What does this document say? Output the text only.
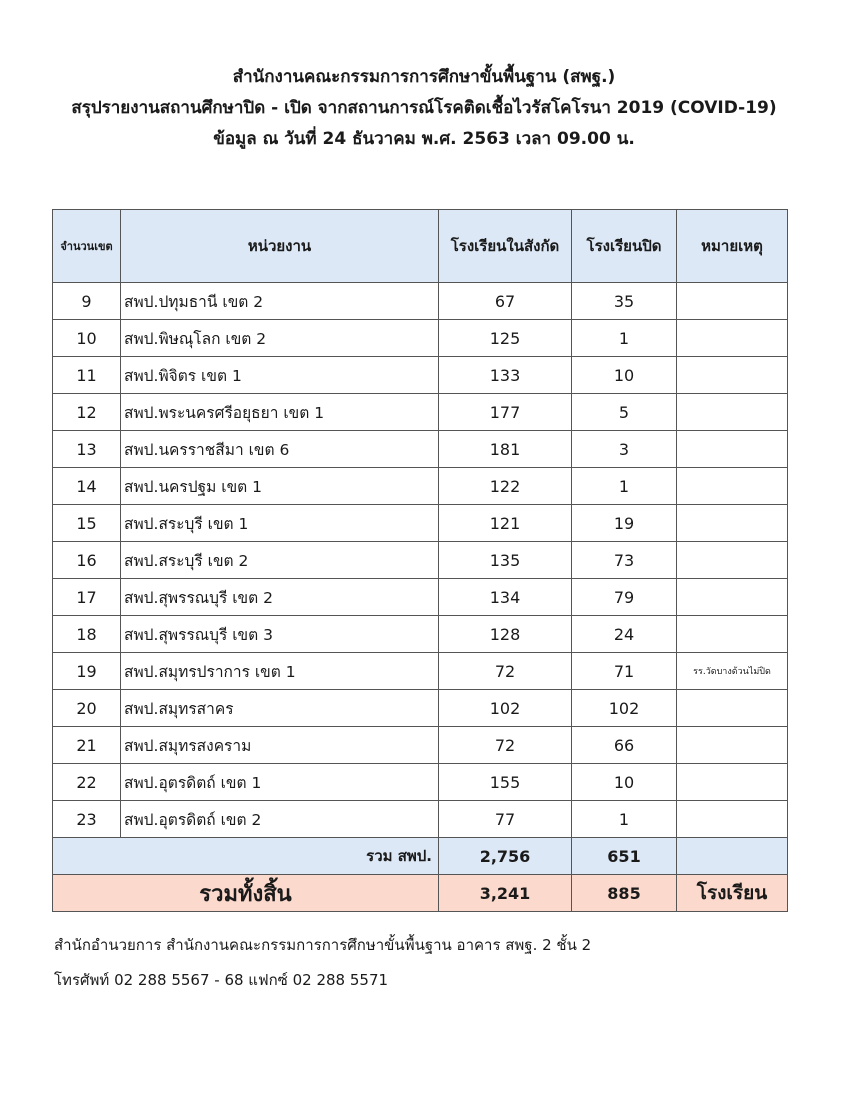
สำนักงานคณะกรรมการการศึกษาขั้นพื้นฐาน (สพฐ.)
สรุปรายงานสถานศึกษาปิด - เปิด จากสถานการณ์โรคติดเชื้อไวรัสโคโรนา 2019 (COVID-19)
ข้อมูล ณ วันที่ 24 ธันวาคม พ.ศ. 2563 เวลา 09.00 น.
จำนวนเขต	หน่วยงาน	โรงเรียนในสังกัด	โรงเรียนปิด	หมายเหตุ
9	สพป.ปทุมธานี เขต 2	67	35	
10	สพป.พิษณุโลก เขต 2	125	1	
11	สพป.พิจิตร เขต 1	133	10	
12	สพป.พระนครศรีอยุธยา เขต 1	177	5	
13	สพป.นครราชสีมา เขต 6	181	3	
14	สพป.นครปฐม เขต 1	122	1	
15	สพป.สระบุรี เขต 1	121	19	
16	สพป.สระบุรี เขต 2	135	73	
17	สพป.สุพรรณบุรี เขต 2	134	79	
18	สพป.สุพรรณบุรี เขต 3	128	24	
19	สพป.สมุทรปราการ เขต 1	72	71	รร.วัดบางด้วนไม่ปิด
20	สพป.สมุทรสาคร	102	102	
21	สพป.สมุทรสงคราม	72	66	
22	สพป.อุตรดิตถ์ เขต 1	155	10	
23	สพป.อุตรดิตถ์ เขต 2	77	1	
รวม สพป.		2,756	651	
รวมทั้งสิ้น		3,241	885	โรงเรียน
สำนักอำนวยการ สำนักงานคณะกรรมการการศึกษาขั้นพื้นฐาน อาคาร สพฐ. 2 ชั้น 2
โทรศัพท์ 02 288 5567 - 68 แฟกซ์ 02 288 5571
